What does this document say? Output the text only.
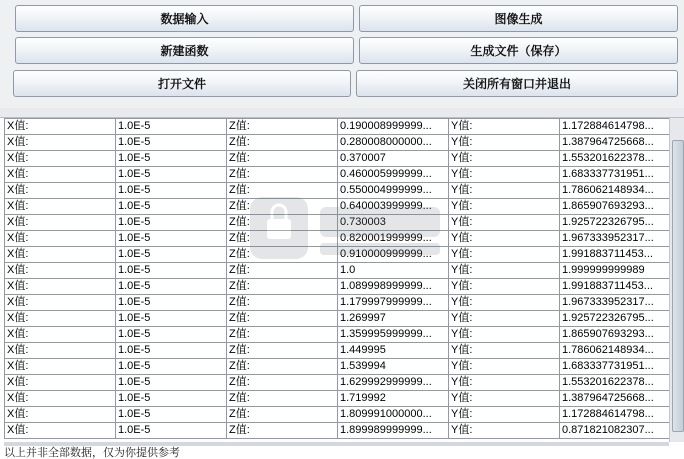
数据输入	图像生成
新建函数	生成文件（保存）
打开文件	关闭所有窗口并退出
X值:	1.0E-5	Z值:	0.190008999999...	Y值:	1.172884614798...
X值:	1.0E-5	Z值:	0.280008000000...	Y值:	1.387964725668...
X值:	1.0E-5	Z值:	0.370007	Y值:	1.553201622378...
X值:	1.0E-5	Z值:	0.460005999999...	Y值:	1.683337731951...
X值:	1.0E-5	Z值:	0.550004999999...	Y值:	1.786062148934...
X值:	1.0E-5	Z值:	0.640003999999...	Y值:	1.865907693293...
X值:	1.0E-5	Z值:	0.730003	Y值:	1.925722326795...
X值:	1.0E-5	Z值:	0.820001999999...	Y值:	1.967333952317...
X值:	1.0E-5	Z值:	0.910000999999...	Y值:	1.991883711453...
X值:	1.0E-5	Z值:	1.0	Y值:	1.999999999989
X值:	1.0E-5	Z值:	1.089998999999...	Y值:	1.991883711453...
X值:	1.0E-5	Z值:	1.179997999999...	Y值:	1.967333952317...
X值:	1.0E-5	Z值:	1.269997	Y值:	1.925722326795...
X值:	1.0E-5	Z值:	1.359995999999...	Y值:	1.865907693293...
X值:	1.0E-5	Z值:	1.449995	Y值:	1.786062148934...
X值:	1.0E-5	Z值:	1.539994	Y值:	1.683337731951...
X值:	1.0E-5	Z值:	1.629992999999...	Y值:	1.553201622378...
X值:	1.0E-5	Z值:	1.719992	Y值:	1.387964725668...
X值:	1.0E-5	Z值:	1.809991000000...	Y值:	1.172884614798...
X值:	1.0E-5	Z值:	1.899989999999...	Y值:	0.871821082307...
以上并非全部数据，仅为你提供参考
